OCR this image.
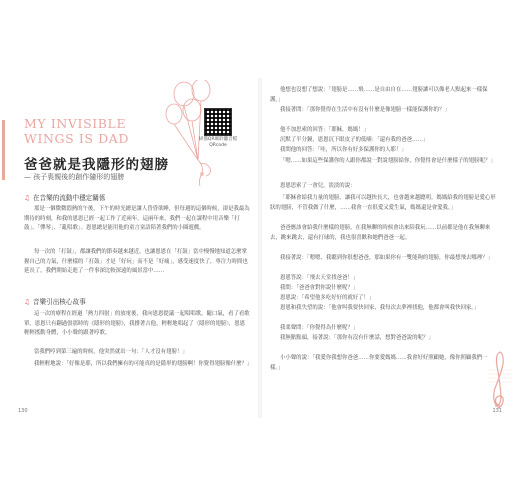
掃描QR碼聆聽音檔
QRcode
MY INVISIBLE
WINGS IS DAD
爸爸就是我隱形的翅膀
— 孩子喪親後的創作隨形的翅膀
♫ 在音樂的流動中穩定關係
那是一個微微悶熱的午後，下午的時光總是讓人昏昏欲睡，但每週的這個時候，卻是我最為期待的時刻，和我的恩恩已經一起工作了近兩年。這兩年來，我們一起在課程中用音樂「打鼓」、「彈琴」、「亂唱歌」。恩恩總是能用他的童言童語陪著我們的小圈遊戲。
每一次的「打鼓」，都讓我們的節奏越來越近，也讓恩恩在「打鼓」當中慢慢地知道怎麼掌握自己的力氣，什麼樣的「打鼓」才是「好玩」而不是「好痛」，感受速度快了，專注力時間也延長了，我們開始走進了一件事深比較深遠的風景當中……
♫ 音樂引出核心故事
這一次的療程在經過「熱力四射」的放電後，我向恩恩提議一起唱唱歌，隨口氣，看了看歌單，恩恩只有翻過張那時的《隱形的翅膀》，我撐著吉他，輕輕地唱起了〈隱形的翅膀〉，恩恩輕輕搖動身體，小小聲的跟著哼歌。
當我們哼到第三遍的時候，他突然就出一句：「人才沒有翅膀！」
我輕輕地說：「好像是耶，所以我們擁有的可能真的是隱形的翅膀啊！你覺得翅膀像什麼？」
130
他想也沒想了想說：「翅膀是……飛……是自由自在……翅膀讓可以像老人點起來一樣保護。」
我接著問：「那你覺得在生活中有沒有什麼是像翅膀一樣能保護你的？」
他不加思索的回答：「耶穌，媽媽！」
沉默了半分鐘，恩恩沉下眼皮子的低喃：「還有我的爸爸……」
我問他的回答：「哇，所以你有好多保護你的人耶！」
「嗯……如果這些保護你的人跟你都說一對說翅膀給你，你覺得會是什麼樣子的翅膀呢？」
恩恩思索了一會兒，淡淡的說：
「耶穌會給我力量的翅膀，讓我可以越快長大，也會越來越聰明。媽媽給我的翅膀是愛心形狀的翅膀，不管我做了什麼，……我會一直很愛又愛生氣，媽媽還是會愛我。」
爸爸應該會給我什麼樣的翅膀，在我無聊的時候會出來陪我玩……以前都是他在我無聊來去，跳來跳去，還有打球的，我也很喜歡和她們爸爸一起。
我接著說：「嗯嗯，我聽到你很想爸爸，那如果你有一雙能夠的翅膀，你最想飛去哪裡？」
恩恩答說：「飛去天堂找爸爸！」
我問：「爸爸會對你說什麼呢？」
恩恩說：「希望他多吃好好的就好了！」
恩恩和我失望的說：「他會叫我要快回家，我每次去夢裡找他，他都會叫我快回家。」
我柔聲問：「你覺得為什麼呢？」
我無點點頭，接著說：「那你有沒有什麼話，想對爸爸說的呢？」
小小聲的說：「我愛你我想你爸爸……你要愛媽媽……我會好好照顧她，像你照顧我們一樣。」
131
